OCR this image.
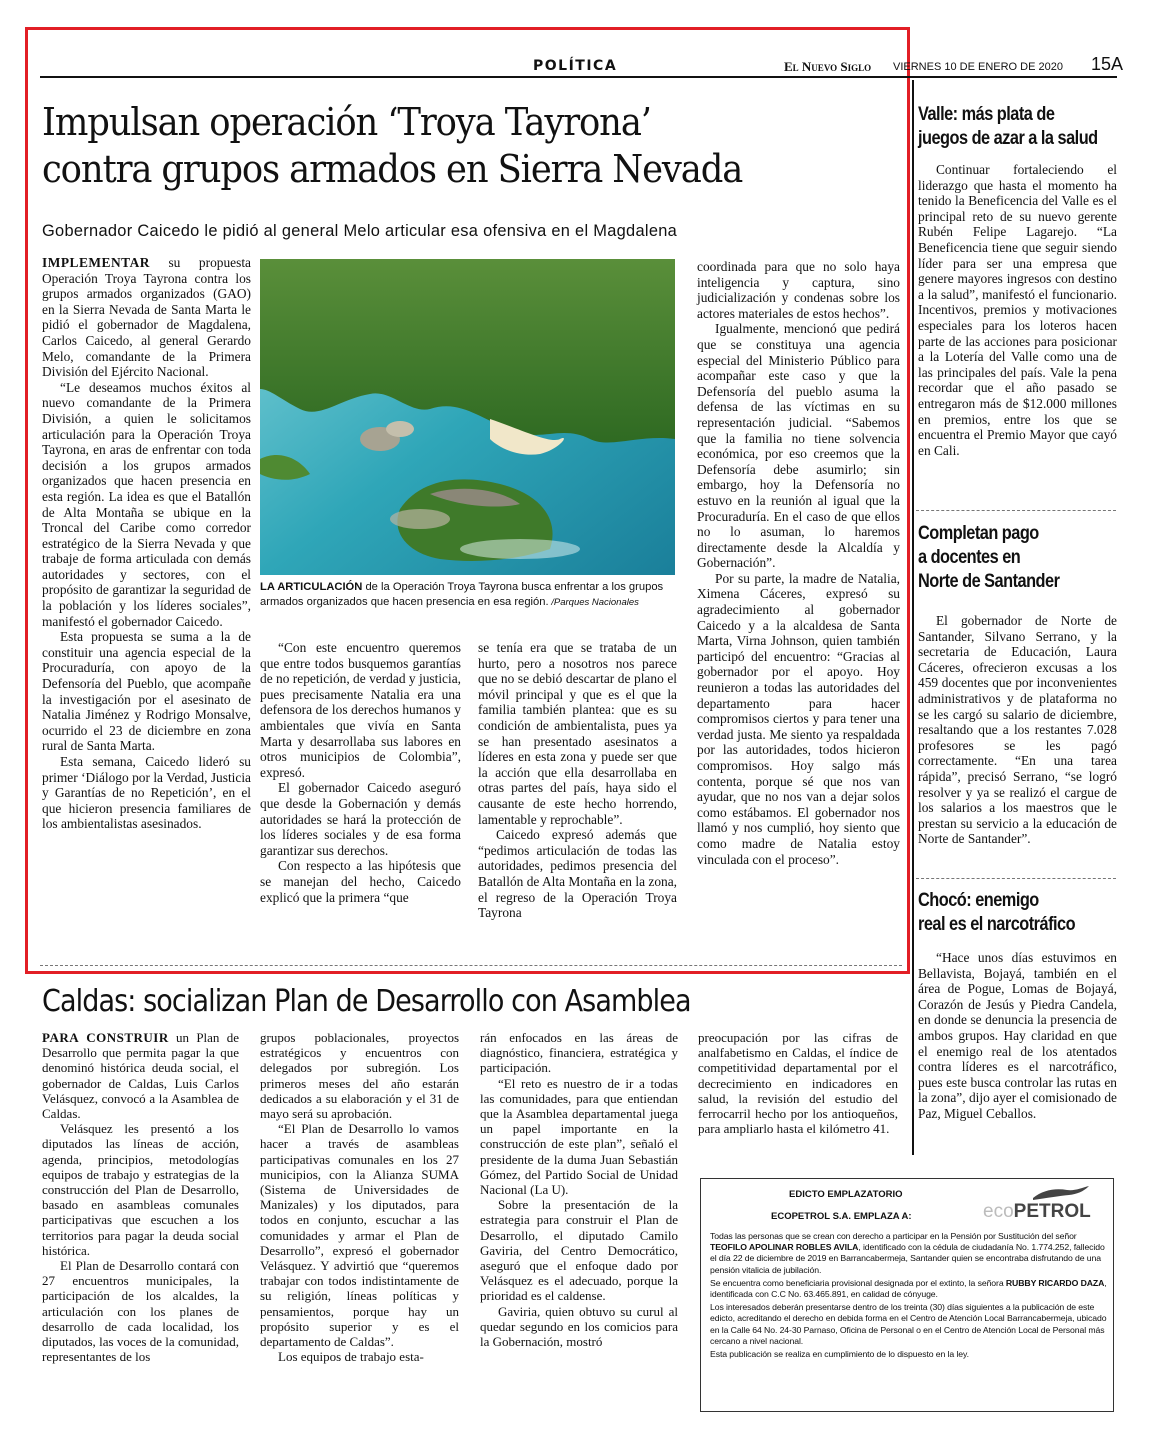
POLÍTICA	El Nuevo Siglo VIERNES 10 DE ENERO DE 2020 15A
Impulsan operación ‘Troya Tayrona’
contra grupos armados en Sierra Nevada
Gobernador Caicedo le pidió al general Melo articular esa ofensiva en el Magdalena

IMPLEMENTAR su propuesta Operación Troya Tayrona contra los grupos armados organizados (GAO) en la Sierra Nevada de Santa Marta le pidió el gobernador de Magdalena, Carlos Caicedo, al general Gerardo Melo, comandante de la Primera División del Ejército Nacional.

“Le deseamos muchos éxitos al nuevo comandante de la Primera División, a quien le solicitamos articulación para la Operación Troya Tayrona, en aras de enfrentar con toda decisión a los grupos armados organizados que hacen presencia en esta región. La idea es que el Batallón de Alta Montaña se ubique en la Troncal del Caribe como corredor estratégico de la Sierra Nevada y que trabaje de forma articulada con demás autoridades y sectores, con el propósito de garantizar la seguridad de la población y los líderes sociales”, manifestó el gobernador Caicedo.

Esta propuesta se suma a la de constituir una agencia especial de la Procuraduría, con apoyo de la Defensoría del Pueblo, que acompañe la investigación por el asesinato de Natalia Jiménez y Rodrigo Monsalve, ocurrido el 23 de diciembre en zona rural de Santa Marta.

Esta semana, Caicedo lideró su primer ‘Diálogo por la Verdad, Justicia y Garantías de no Repetición’, en el que hicieron presencia familiares de los ambientalistas asesinados.

LA ARTICULACIÓN de la Operación Troya Tayrona busca enfrentar a los grupos armados organizados que hacen presencia en esa región. /Parques Nacionales

“Con este encuentro queremos que entre todos busquemos garantías de no repetición, de verdad y justicia, pues precisamente Natalia era una defensora de los derechos humanos y ambientales que vivía en Santa Marta y desarrollaba sus labores en otros municipios de Colombia”, expresó.

El gobernador Caicedo aseguró que desde la Gobernación y demás autoridades se hará la protección de los líderes sociales y de esa forma garantizar sus derechos.

Con respecto a las hipótesis que se manejan del hecho, Caicedo explicó que la primera “que

se tenía era que se trataba de un hurto, pero a nosotros nos parece que no se debió descartar de plano el móvil principal y que es el que la familia también plantea: que es su condición de ambientalista, pues ya se han presentado asesinatos a líderes en esta zona y puede ser que la acción que ella desarrollaba en otras partes del país, haya sido el causante de este hecho horrendo, lamentable y reprochable”.

Caicedo expresó además que “pedimos articulación de todas las autoridades, pedimos presencia del Batallón de Alta Montaña en la zona, el regreso de la Operación Troya Tayrona

coordinada para que no solo haya inteligencia y captura, sino judicialización y condenas sobre los actores materiales de estos hechos”.

Igualmente, mencionó que pedirá que se constituya una agencia especial del Ministerio Público para acompañar este caso y que la Defensoría del pueblo asuma la defensa de las víctimas en su representación judicial. “Sabemos que la familia no tiene solvencia económica, por eso creemos que la Defensoría debe asumirlo; sin embargo, hoy la Defensoría no estuvo en la reunión al igual que la Procuraduría. En el caso de que ellos no lo asuman, lo haremos directamente desde la Alcaldía y Gobernación”.

Por su parte, la madre de Natalia, Ximena Cáceres, expresó su agradecimiento al gobernador Caicedo y a la alcaldesa de Santa Marta, Virna Johnson, quien también participó del encuentro: “Gracias al gobernador por el apoyo. Hoy reunieron a todas las autoridades del departamento para hacer compromisos ciertos y para tener una verdad justa. Me siento ya respaldada por las autoridades, todos hicieron compromisos. Hoy salgo más contenta, porque sé que nos van ayudar, que no nos van a dejar solos como estábamos. El gobernador nos llamó y nos cumplió, hoy siento que como madre de Natalia estoy vinculada con el proceso”.

Caldas: socializan Plan de Desarrollo con Asamblea

PARA CONSTRUIR un Plan de Desarrollo que permita pagar la que denominó histórica deuda social, el gobernador de Caldas, Luis Carlos Velásquez, convocó a la Asamblea de Caldas.

Velásquez les presentó a los diputados las líneas de acción, agenda, principios, metodologías equipos de trabajo y estrategias de la construcción del Plan de Desarrollo, basado en asambleas comunales participativas que escuchen a los territorios para pagar la deuda social histórica.

El Plan de Desarrollo contará con 27 encuentros municipales, la participación de los alcaldes, la articulación con los planes de desarrollo de cada localidad, los diputados, las voces de la comunidad, representantes de los

grupos poblacionales, proyectos estratégicos y encuentros con delegados por subregión. Los primeros meses del año estarán dedicados a su elaboración y el 31 de mayo será su aprobación.

“El Plan de Desarrollo lo vamos hacer a través de asambleas participativas comunales en los 27 municipios, con la Alianza SUMA (Sistema de Universidades de Manizales) y los diputados, para todos en conjunto, escuchar a las comunidades y armar el Plan de Desarrollo”, expresó el gobernador Velásquez. Y advirtió que “queremos trabajar con todos indistintamente de su religión, líneas políticas y pensamientos, porque hay un propósito superior y es el departamento de Caldas”.

Los equipos de trabajo esta-

rán enfocados en las áreas de diagnóstico, financiera, estratégica y participación.

“El reto es nuestro de ir a todas las comunidades, para que entiendan que la Asamblea departamental juega un papel importante en la construcción de este plan”, señaló el presidente de la duma Juan Sebastián Gómez, del Partido Social de Unidad Nacional (La U).

Sobre la presentación de la estrategia para construir el Plan de Desarrollo, el diputado Camilo Gaviria, del Centro Democrático, aseguró que el enfoque dado por Velásquez es el adecuado, porque la prioridad es el caldense.

Gaviria, quien obtuvo su curul al quedar segundo en los comicios para la Gobernación, mostró

preocupación por las cifras de analfabetismo en Caldas, el índice de competitividad departamental por el decrecimiento en indicadores en salud, la revisión del estudio del ferrocarril hecho por los antioqueños, para ampliarlo hasta el kilómetro 41.

EDICTO EMPLAZATORIO
ECOPETROL S.A. EMPLAZA A:	ecoPETROL
Todas las personas que se crean con derecho a participar en la Pensión por Sustitución del señor TEOFILO APOLINAR ROBLES AVILA, identificado con la cédula de ciudadanía No. 1.774.252, fallecido el día 22 de diciembre de 2019 en Barrancabermeja, Santander quien se encontraba disfrutando de una pensión vitalicia de jubilación.
Se encuentra como beneficiaria provisional designada por el extinto, la señora RUBBY RICARDO DAZA, identificada con C.C No. 63.465.891, en calidad de cónyuge.
Los interesados deberán presentarse dentro de los treinta (30) días siguientes a la publicación de este edicto, acreditando el derecho en debida forma en el Centro de Atención Local Barrancabermeja, ubicado en la Calle 64 No. 24-30 Parnaso, Oficina de Personal o en el Centro de Atención Local de Personal más cercano a nivel nacional.
Esta publicación se realiza en cumplimiento de lo dispuesto en la ley.
Valle: más plata de
juegos de azar a la salud

Continuar fortaleciendo el liderazgo que hasta el momento ha tenido la Beneficencia del Valle es el principal reto de su nuevo gerente Rubén Felipe Lagarejo. “La Beneficencia tiene que seguir siendo líder para ser una empresa que genere mayores ingresos con destino a la salud”, manifestó el funcionario. Incentivos, premios y motivaciones especiales para los loteros hacen parte de las acciones para posicionar a la Lotería del Valle como una de las principales del país. Vale la pena recordar que el año pasado se entregaron más de $12.000 millones en premios, entre los que se encuentra el Premio Mayor que cayó en Cali.

Completan pago
a docentes en
Norte de Santander

El gobernador de Norte de Santander, Silvano Serrano, y la secretaria de Educación, Laura Cáceres, ofrecieron excusas a los 459 docentes que por inconvenientes administrativos y de plataforma no se les cargó su salario de diciembre, resaltando que a los restantes 7.028 profesores se les pagó correctamente. “En una tarea rápida”, precisó Serrano, “se logró resolver y ya se realizó el cargue de los salarios a los maestros que le prestan su servicio a la educación de Norte de Santander”.

Chocó: enemigo
real es el narcotráfico

“Hace unos días estuvimos en Bellavista, Bojayá, también en el área de Pogue, Lomas de Bojayá, Corazón de Jesús y Piedra Candela, en donde se denuncia la presencia de ambos grupos. Hay claridad en que el enemigo real de los atentados contra líderes es el narcotráfico, pues este busca controlar las rutas en la zona”, dijo ayer el comisionado de Paz, Miguel Ceballos.
